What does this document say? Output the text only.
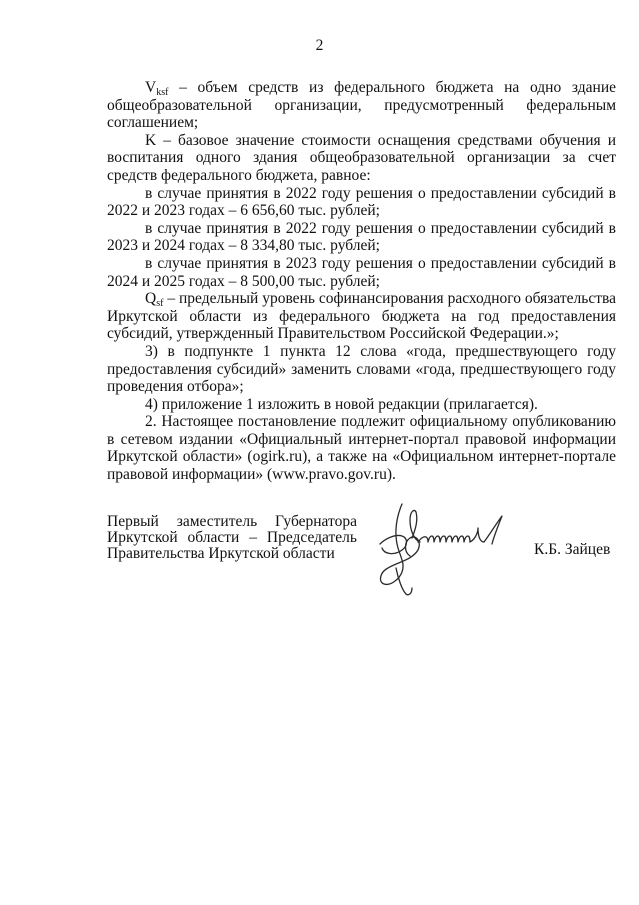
2

$V_{ksf}$ – объем средств из федерального бюджета на одно здание общеобразовательной организации, предусмотренный федеральным соглашением;

K – базовое значение стоимости оснащения средствами обучения и воспитания одного здания общеобразовательной организации за счет средств федерального бюджета, равное:

в случае принятия в 2022 году решения о предоставлении субсидий в 2022 и 2023 годах – 6 656,60 тыс. рублей;

в случае принятия в 2022 году решения о предоставлении субсидий в 2023 и 2024 годах – 8 334,80 тыс. рублей;

в случае принятия в 2023 году решения о предоставлении субсидий в 2024 и 2025 годах – 8 500,00 тыс. рублей;

$Q_{sf}$ – предельный уровень софинансирования расходного обязательства Иркутской области из федерального бюджета на год предоставления субсидий, утвержденный Правительством Российской Федерации.»;

3) в подпункте 1 пункта 12 слова «года, предшествующего году предоставления субсидий» заменить словами «года, предшествующего году проведения отбора»;

4) приложение 1 изложить в новой редакции (прилагается).

2. Настоящее постановление подлежит официальному опубликованию в сетевом издании «Официальный интернет-портал правовой информации Иркутской области» (ogirk.ru), а также на «Официальном интернет-портале правовой информации» (www.pravo.gov.ru).

Первый заместитель Губернатора
Иркутской области – Председатель
Правительства Иркутской области	К.Б. Зайцев
